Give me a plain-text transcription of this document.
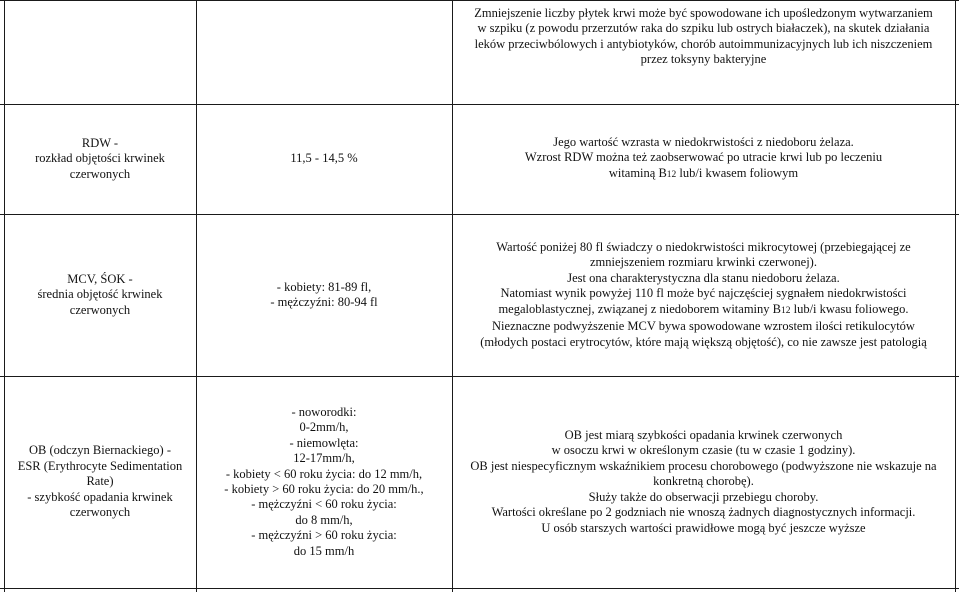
Zmniejszenie liczby płytek krwi może być spowodowane ich upośledzonym wytwarzaniem
w szpiku (z powodu przerzutów raka do szpiku lub ostrych białaczek), na skutek działania
leków przeciwbólowych i antybiotyków, chorób autoimmunizacyjnych lub ich niszczeniem
przez toksyny bakteryjne
RDW -
rozkład objętości krwinek
czerwonych
11,5 - 14,5 %
Jego wartość wzrasta w niedokrwistości z niedoboru żelaza.
Wzrost RDW można też zaobserwować po utracie krwi lub po leczeniu
witaminą B12 lub/i kwasem foliowym
MCV, ŚOK -
średnia objętość krwinek
czerwonych
- kobiety: 81-89 fl,
- mężczyźni: 80-94 fl
Wartość poniżej 80 fl świadczy o niedokrwistości mikrocytowej (przebiegającej ze
zmniejszeniem rozmiaru krwinki czerwonej).
Jest ona charakterystyczna dla stanu niedoboru żelaza.
Natomiast wynik powyżej 110 fl może być najczęściej sygnałem niedokrwistości
megaloblastycznej, związanej z niedoborem witaminy B12 lub/i kwasu foliowego.
Nieznaczne podwyższenie MCV bywa spowodowane wzrostem ilości retikulocytów
(młodych postaci erytrocytów, które mają większą objętość), co nie zawsze jest patologią
OB (odczyn Biernackiego) -
ESR (Erythrocyte Sedimentation
Rate)
- szybkość opadania krwinek
czerwonych
- noworodki:
0-2mm/h,
- niemowlęta:
12-17mm/h,
- kobiety < 60 roku życia: do 12 mm/h,
- kobiety > 60 roku życia: do 20 mm/h.,
- mężczyźni < 60 roku życia:
do 8 mm/h,
- mężczyźni > 60 roku życia:
do 15 mm/h
OB jest miarą szybkości opadania krwinek czerwonych
w osoczu krwi w określonym czasie (tu w czasie 1 godziny).
OB jest niespecyficznym wskaźnikiem procesu chorobowego (podwyższone nie wskazuje na
konkretną chorobę).
Służy także do obserwacji przebiegu choroby.
Wartości określane po 2 godzniach nie wnoszą żadnych diagnostycznych informacji.
U osób starszych wartości prawidłowe mogą być jeszcze wyższe
